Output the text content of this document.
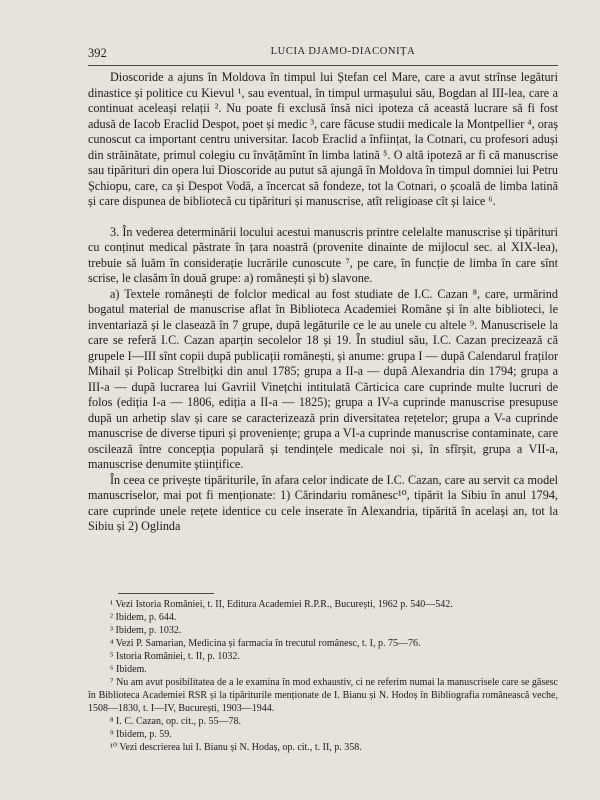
392	LUCIA DJAMO-DIACONIȚA

Dioscoride a ajuns în Moldova în timpul lui Ștefan cel Mare, care a avut strînse legături dinastice și politice cu Kievul ¹, sau eventual, în timpul urmașului său, Bogdan al III-lea, care a continuat aceleași relații ². Nu poate fi exclusă însă nici ipoteza că această lucrare să fi fost adusă de Iacob Eraclid Despot, poet și medic ³, care făcuse studii medicale la Montpellier ⁴, oraș cunoscut ca important centru universitar. Iacob Eraclid a înființat, la Cotnari, cu profesori aduși din străinătate, primul colegiu cu învățămînt în limba latină ⁵. O altă ipoteză ar fi că manuscrise sau tipărituri din opera lui Dioscoride au putut să ajungă în Moldova în timpul domniei lui Petru Șchiopu, care, ca și Despot Vodă, a încercat să fondeze, tot la Cotnari, o școală de limba latină și care dispunea de bibliotecă cu tipărituri și manuscrise, atît religioase cît și laice ⁶.

3. În vederea determinării locului acestui manuscris printre celelalte manuscrise și tipărituri cu conținut medical păstrate în țara noastră (provenite dinainte de mijlocul sec. al XIX-lea), trebuie să luăm în considerație lucrările cunoscute ⁷, pe care, în funcție de limba în care sînt scrise, le clasăm în două grupe: a) românești și b) slavone.

a) Textele românești de folclor medical au fost studiate de I.C. Cazan ⁸, care, urmărind bogatul material de manuscrise aflat în Biblioteca Academiei Române și în alte biblioteci, le inventariază și le clasează în 7 grupe, după legăturile ce le au unele cu altele ⁹. Manuscrisele la care se referă I.C. Cazan aparțin secolelor 18 și 19. În studiul său, I.C. Cazan precizează că grupele I—III sînt copii după publicații românești, și anume: grupa I — după Calendarul fraților Mihail și Policap Strelbițki din anul 1785; grupa a II-a — după Alexandria din 1794; grupa a III-a — după lucrarea lui Gavriil Vinețchi intitulată Cărticica care cuprinde multe lucruri de folos (ediția I-a — 1806, ediția a II-a — 1825); grupa a IV-a cuprinde manuscrise presupuse după un arhetip slav și care se caracterizează prin diversitatea rețetelor; grupa a V-a cuprinde manuscrise de diverse tipuri și proveniențe; grupa a VI-a cuprinde manuscrise contaminate, care oscilează între concepția populară și tendințele medicale noi și, în sfîrșit, grupa a VII-a, manuscrise denumite științifice.

În ceea ce privește tipăriturile, în afara celor indicate de I.C. Cazan, care au servit ca model manuscriselor, mai pot fi menționate: 1) Cărindariu românesc¹⁰, tipărit la Sibiu în anul 1794, care cuprinde unele rețete identice cu cele inserate în Alexandria, tipărită în același an, tot la Sibiu și 2) Oglinda

¹ Vezi Istoria României, t. II, Editura Academiei R.P.R., București, 1962 p. 540—542.

² Ibidem, p. 644.

³ Ibidem, p. 1032.

⁴ Vezi P. Samarian, Medicina și farmacia în trecutul românesc, t. I, p. 75—76.

⁵ Istoria României, t. II, p. 1032.

⁶ Ibidem.

⁷ Nu am avut posibilitatea de a le examina în mod exhaustiv, ci ne referim numai la manuscrisele care se găsesc în Biblioteca Academiei RSR și la tipăriturile menționate de I. Bianu și N. Hodoș în Bibliografia românească veche, 1508—1830, t. I—IV, București, 1903—1944.

⁸ I. C. Cazan, op. cit., p. 55—78.

⁹ Ibidem, p. 59.

¹⁰ Vezi descrierea lui I. Bianu și N. Hodaș, op. cit., t. II, p. 358.
